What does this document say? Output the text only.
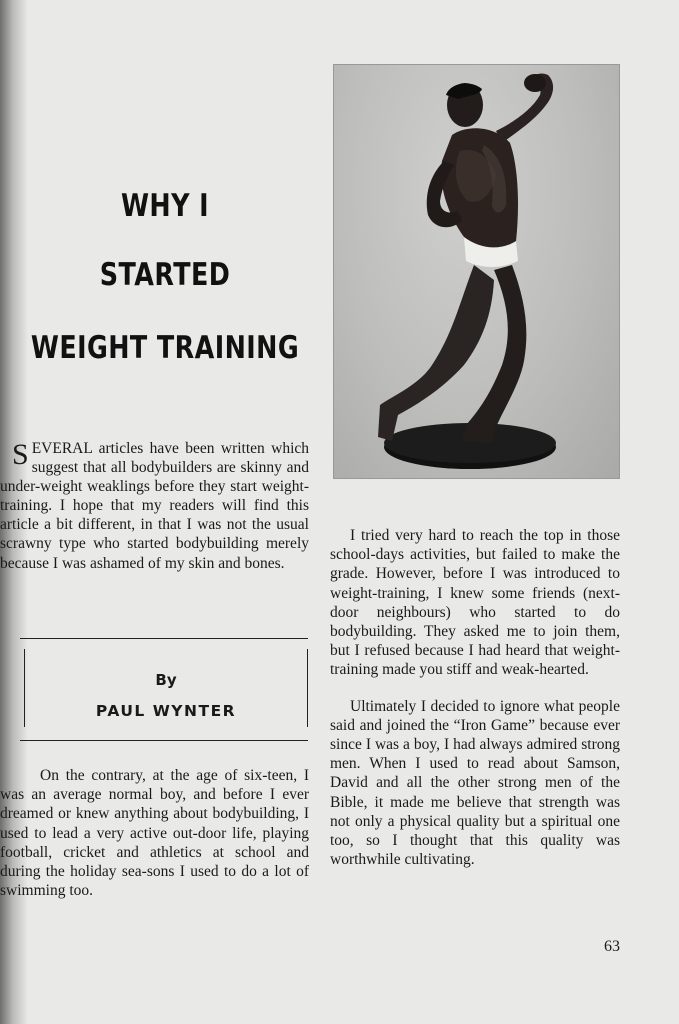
WHY I
STARTED
WEIGHT TRAINING

SEVERAL articles have been written which suggest that all bodybuilders are skinny and under-weight weaklings before they start weight-training. I hope that my readers will find this article a bit different, in that I was not the usual scrawny type who started bodybuilding merely because I was ashamed of my skin and bones.

By
PAUL WYNTER

On the contrary, at the age of six-teen, I was an average normal boy, and before I ever dreamed or knew anything about bodybuilding, I used to lead a very active out-door life, playing football, cricket and athletics at school and during the holiday sea-sons I used to do a lot of swimming too.

I tried very hard to reach the top in those school-days activities, but failed to make the grade. However, before I was introduced to weight-training, I knew some friends (next-door neighbours) who started to do bodybuilding. They asked me to join them, but I refused because I had heard that weight-training made you stiff and weak-hearted.

Ultimately I decided to ignore what people said and joined the “Iron Game” because ever since I was a boy, I had always admired strong men. When I used to read about Samson, David and all the other strong men of the Bible, it made me believe that strength was not only a physical quality but a spiritual one too, so I thought that this quality was worthwhile cultivating.

63
